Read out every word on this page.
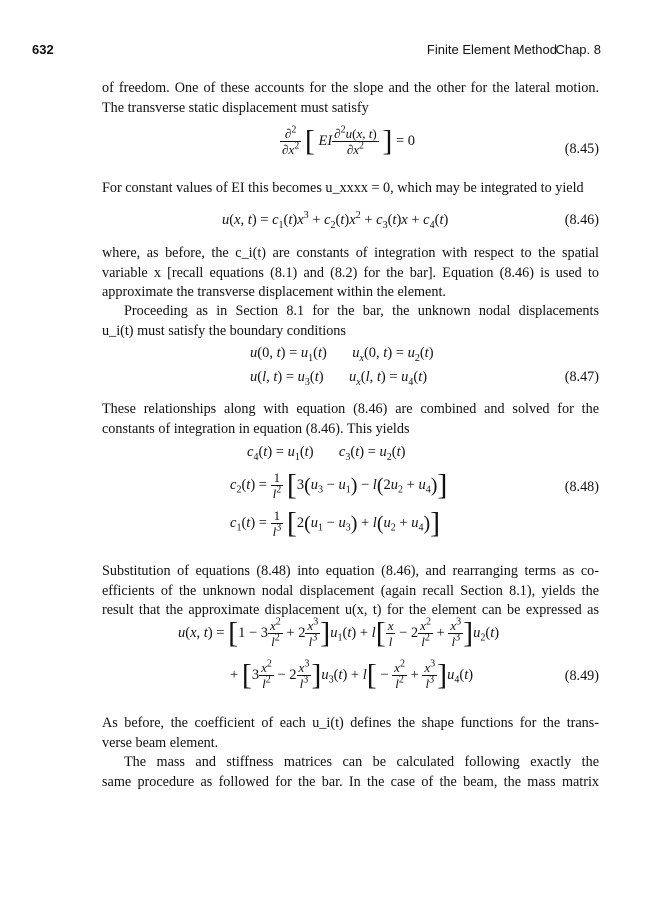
632	Finite Element Method
Chap. 8
of freedom. One of these accounts for the slope and the other for the lateral motion.
The transverse static displacement must satisfy
$\frac{\partial^2}{\partial x^2}$ [ EI $\frac{\partial^2u(x, t)}{\partial x^2}$ ] = 0
(8.45)
For constant values of EI this becomes u_xxxx = 0, which may be integrated to yield
u(x, $t) = c_1(t)x^3 + c_2(t)x^2 + c_3(t)x + c_4(t)$	(8.46)
where, as before, the c_i(t) are constants of integration with respect to the spatial
variable x [recall equations (8.1) and (8.2) for the bar]. Equation (8.46) is used to
approximate the transverse displacement within the element.
Proceeding as in Section 8.1 for the bar, the unknown nodal displacements
u_i(t) must satisfy the boundary conditions
u(0, $t) = u_1(t)$       $u_x(0$, $t) = u_2(t)$
u(l, $t) = u_3(t)$       $u_x(l$, $t) = u_4(t)$	(8.47)
These relationships along with equation (8.46) are combined and solved for the
constants of integration in equation (8.46). This yields
$c_4(t) = u_1(t)$       $c_3(t) = u_2(t)$
$c_2(t) = \frac{1}{l^2} [3(u_3 - u_1) - l(2u_2 + u_4)]$	(8.48)
$c_1(t) = \frac{1}{l^3} [2(u_1 - u_3) + l(u_2 + u_4)]$
Substitution of equations (8.48) into equation (8.46), and rearranging terms as co-
efficients of the unknown nodal displacement (again recall Section 8.1), yields the
result that the approximate displacement u(x, t) for the element can be expressed as
u(x, $t) = [1 - 3 \frac{x^2}{l^2} + 2 \frac{x^3}{l^3} ]u_1(t) + l[ \frac{x}{l} - 2 \frac{x^2}{l^2} + \frac{x^3}{l^3} ]u_2(t)$
+ $[3 \frac{x^2}{l^2} - 2 \frac{x^3}{l^3} ]u_3(t) + l[ - \frac{x^2}{l^2} + \frac{x^3}{l^3} ]u_4(t)$	(8.49)
As before, the coefficient of each u_i(t) defines the shape functions for the trans-
verse beam element.
The mass and stiffness matrices can be calculated following exactly the
same procedure as followed for the bar. In the case of the beam, the mass matrix
